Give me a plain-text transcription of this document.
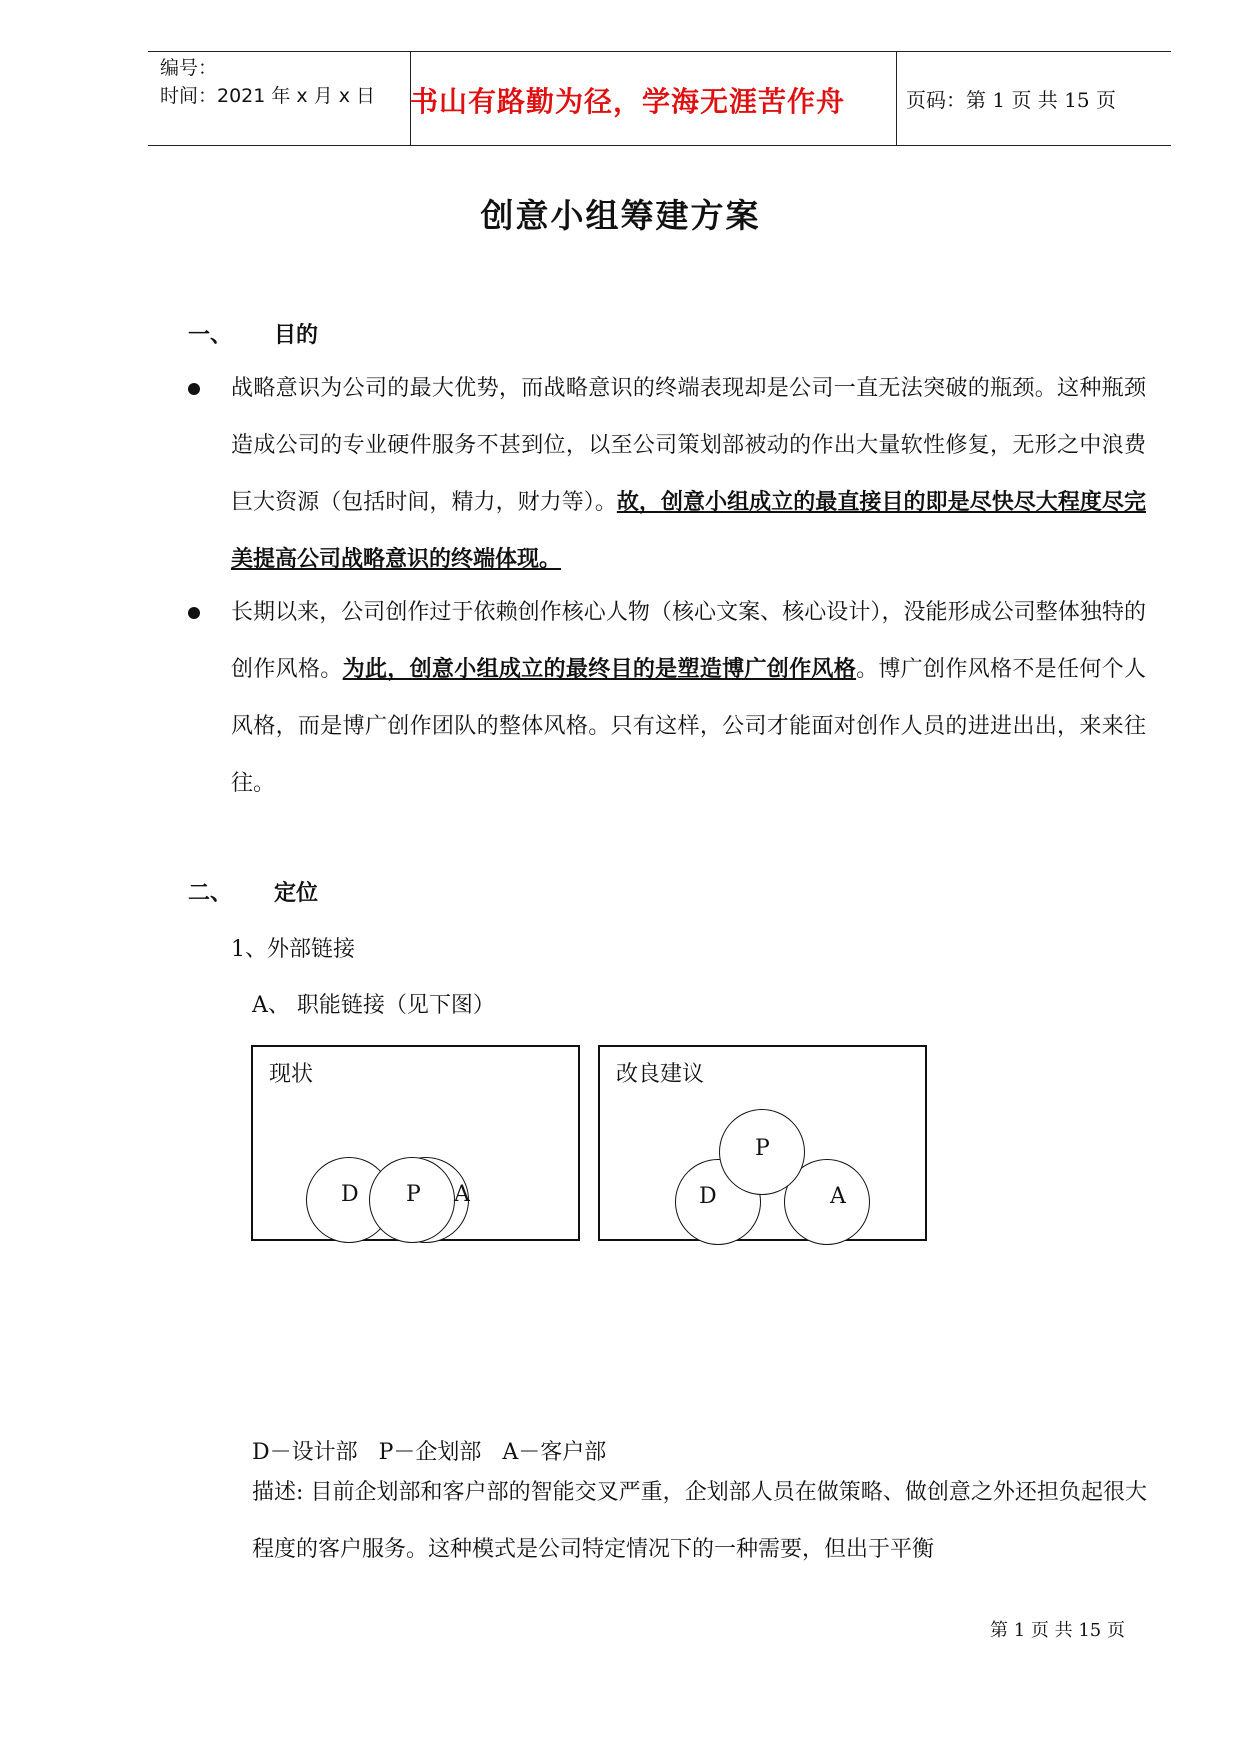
编号：
时间：2021 年 x 月 x 日 书山有路勤为径，学海无涯苦作舟	页码：第 1 页 共 15 页
创意小组筹建方案
一、 目的
战略意识为公司的最大优势，而战略意识的终端表现却是公司一直无法突破的瓶颈。这种瓶颈造成公司的专业硬件服务不甚到位，以至公司策划部被动的作出大量软性修复，无形之中浪费巨大资源（包括时间，精力，财力等）。故，创意小组成立的最直接目的即是尽快尽大程度尽完美提高公司战略意识的终端体现。
长期以来，公司创作过于依赖创作核心人物（核心文案、核心设计），没能形成公司整体独特的创作风格。为此，创意小组成立的最终目的是塑造博广创作风格。博广创作风格不是任何个人风格，而是博广创作团队的整体风格。只有这样，公司才能面对创作人员的进进出出，来来往往。
二、 定位
1、外部链接
A、 职能链接（见下图）
现状
D P A
改良建议
P
D	A
D－设计部   P－企划部   A－客户部
描述: 目前企划部和客户部的智能交叉严重，企划部人员在做策略、做创意之外还担负起很大程度的客户服务。这种模式是公司特定情况下的一种需要，但出于平衡
第 1 页 共 15 页
